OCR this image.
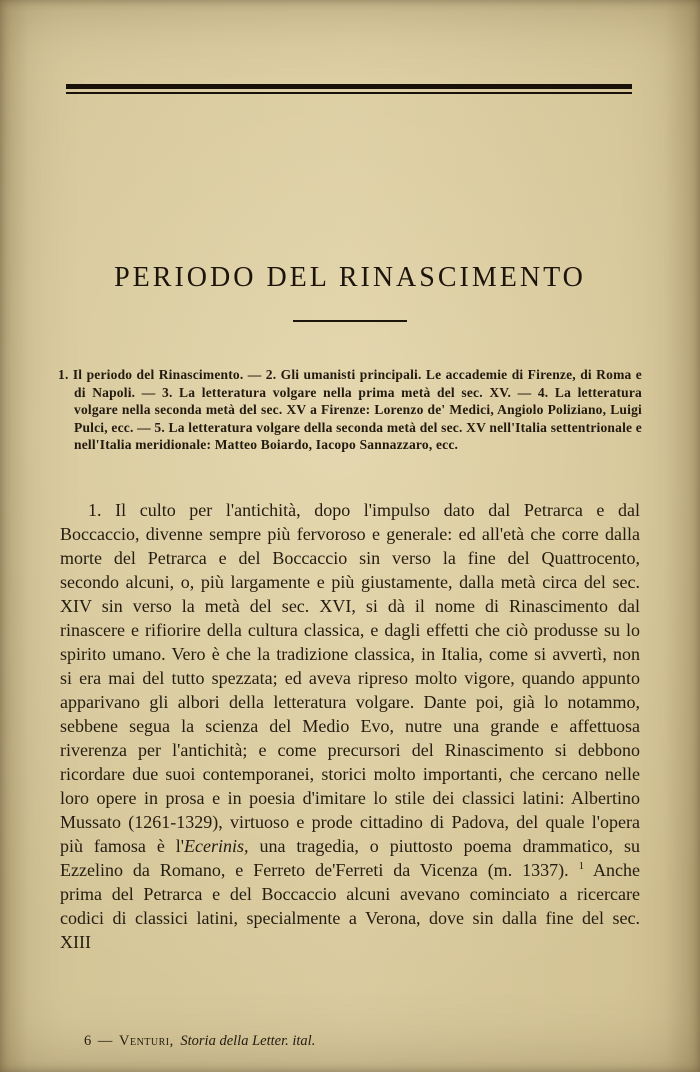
PERIODO DEL RINASCIMENTO

1. Il periodo del Rinascimento. — 2. Gli umanisti principali. Le accademie di Firenze, di Roma e di Napoli. — 3. La letteratura volgare nella prima metà del sec. XV. — 4. La letteratura volgare nella seconda metà del sec. XV a Firenze: Lorenzo de' Medici, Angiolo Poliziano, Luigi Pulci, ecc. — 5. La letteratura volgare della seconda metà del sec. XV nell'Italia settentrionale e nell'Italia meridionale: Matteo Boiardo, Iacopo Sannazzaro, ecc.

1. Il culto per l'antichità, dopo l'impulso dato dal Petrarca e dal Boccaccio, divenne sempre più fervoroso e generale: ed all'età che corre dalla morte del Petrarca e del Boccaccio sin verso la fine del Quattrocento, secondo alcuni, o, più largamente e più giustamente, dalla metà circa del sec. XIV sin verso la metà del sec. XVI, si dà il nome di Rinascimento dal rinascere e rifiorire della cultura classica, e dagli effetti che ciò produsse su lo spirito umano. Vero è che la tradizione classica, in Italia, come si avvertì, non si era mai del tutto spezzata; ed aveva ripreso molto vigore, quando appunto apparivano gli albori della letteratura volgare. Dante poi, già lo notammo, sebbene segua la scienza del Medio Evo, nutre una grande e affettuosa riverenza per l'antichità; e come precursori del Rinascimento si debbono ricordare due suoi contemporanei, storici molto importanti, che cercano nelle loro opere in prosa e in poesia d'imitare lo stile dei classici latini: Albertino Mussato (1261-1329), virtuoso e prode cittadino di Padova, del quale l'opera più famosa è l'Ecerinis, una tragedia, o piuttosto poema drammatico, su Ezzelino da Romano, e Ferreto de'Ferreti da Vicenza (m. 1337). $^1$ Anche prima del Petrarca e del Boccaccio alcuni avevano cominciato a ricercare codici di classici latini, specialmente a Verona, dove sin dalla fine del sec. XIII

6 — Venturi, Storia della Letter. ital.
